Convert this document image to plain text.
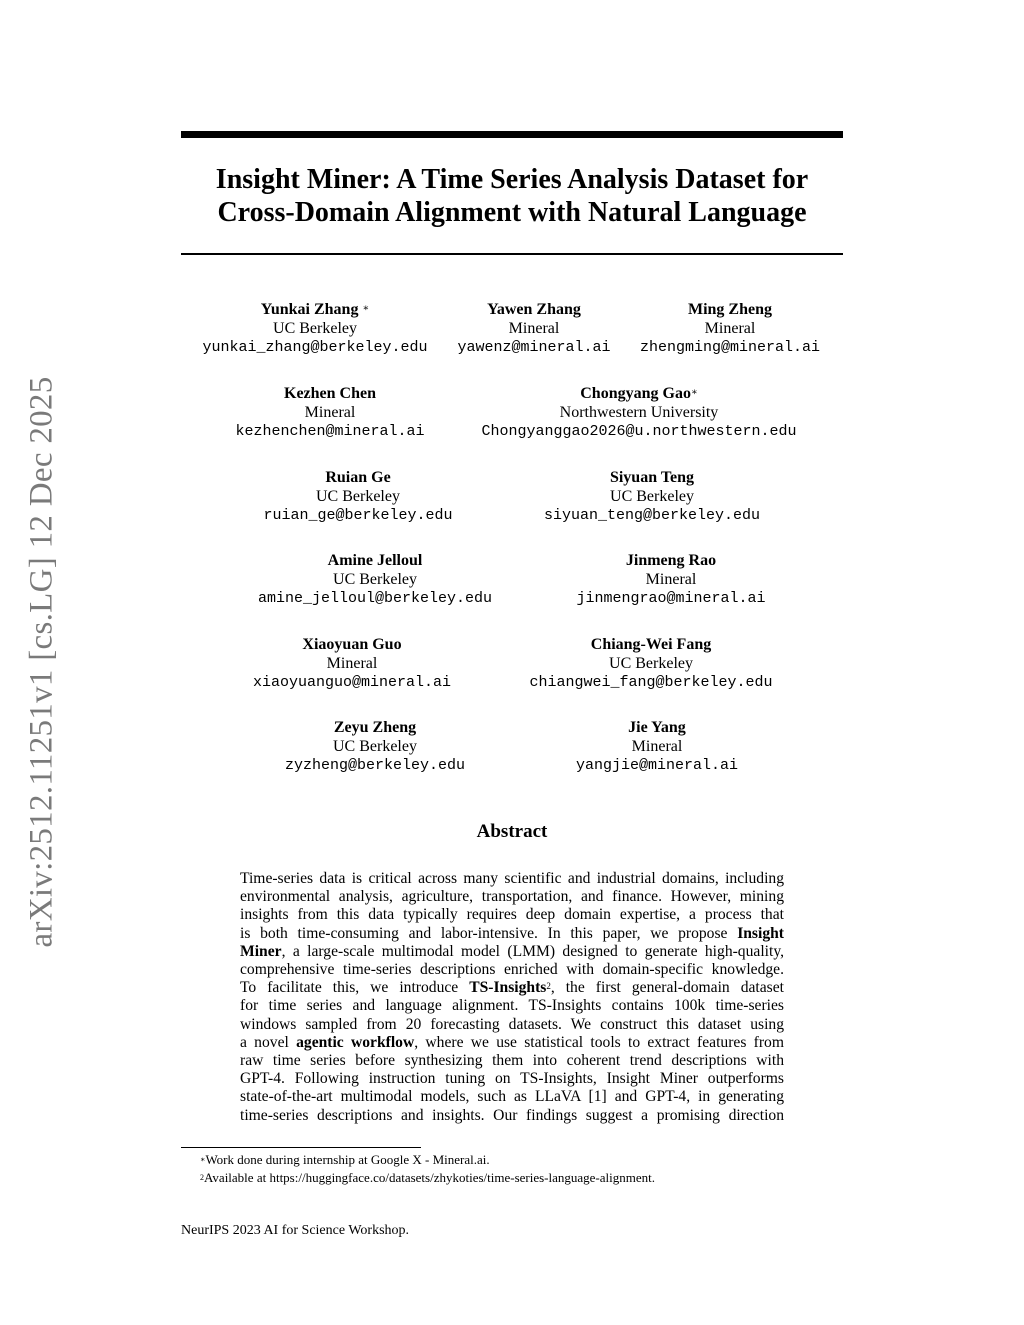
arXiv:2512.11251v1 [cs.LG] 12 Dec 2025
Insight Miner: A Time Series Analysis Dataset for
Cross-Domain Alignment with Natural Language
Yunkai Zhang ∗
UC Berkeley
yunkai_zhang@berkeley.edu
Yawen Zhang
Mineral
yawenz@mineral.ai
Ming Zheng
Mineral
zhengming@mineral.ai
Kezhen Chen
Mineral
kezhenchen@mineral.ai
Chongyang Gao∗
Northwestern University
Chongyanggao2026@u.northwestern.edu
Ruian Ge
UC Berkeley
ruian_ge@berkeley.edu
Siyuan Teng
UC Berkeley
siyuan_teng@berkeley.edu
Amine Jelloul
UC Berkeley
amine_jelloul@berkeley.edu
Jinmeng Rao
Mineral
jinmengrao@mineral.ai
Xiaoyuan Guo
Mineral
xiaoyuanguo@mineral.ai
Chiang-Wei Fang
UC Berkeley
chiangwei_fang@berkeley.edu
Zeyu Zheng
UC Berkeley
zyzheng@berkeley.edu
Jie Yang
Mineral
yangjie@mineral.ai
Abstract
Time-series data is critical across many scientific and industrial domains, including
environmental analysis, agriculture, transportation, and finance. However, mining
insights from this data typically requires deep domain expertise, a process that
is both time-consuming and labor-intensive. In this paper, we propose Insight
Miner, a large-scale multimodal model (LMM) designed to generate high-quality,
comprehensive time-series descriptions enriched with domain-specific knowledge.
To facilitate this, we introduce TS-Insights$^2$, the first general-domain dataset
for time series and language alignment. TS-Insights contains 100k time-series
windows sampled from 20 forecasting datasets. We construct this dataset using
a novel agentic workflow, where we use statistical tools to extract features from
raw time series before synthesizing them into coherent trend descriptions with
GPT-4. Following instruction tuning on TS-Insights, Insight Miner outperforms
state-of-the-art multimodal models, such as LLaVA [1] and GPT-4, in generating
time-series descriptions and insights. Our findings suggest a promising direction
∗Work done during internship at Google X - Mineral.ai.
$^2$Available at https://huggingface.co/datasets/zhykoties/time-series-language-alignment.
NeurIPS 2023 AI for Science Workshop.
